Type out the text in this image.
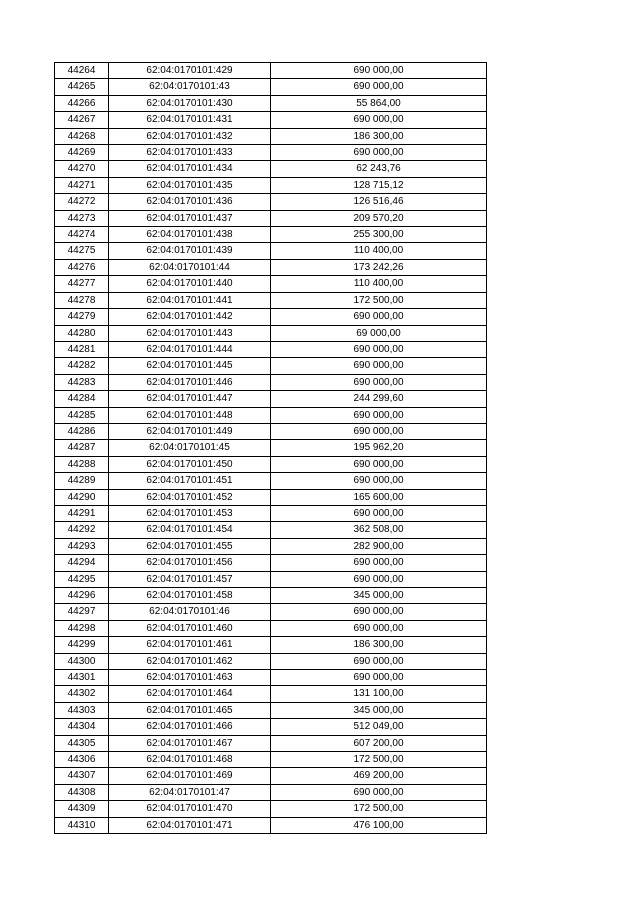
44264	62:04:0170101:429	690 000,00
44265	62:04:0170101:43	690 000,00
44266	62:04:0170101:430	55 864,00
44267	62:04:0170101:431	690 000,00
44268	62:04:0170101:432	186 300,00
44269	62:04:0170101:433	690 000,00
44270	62:04:0170101:434	62 243,76
44271	62:04:0170101:435	128 715,12
44272	62:04:0170101:436	126 516,46
44273	62:04:0170101:437	209 570,20
44274	62:04:0170101:438	255 300,00
44275	62:04:0170101:439	110 400,00
44276	62:04:0170101:44	173 242,26
44277	62:04:0170101:440	110 400,00
44278	62:04:0170101:441	172 500,00
44279	62:04:0170101:442	690 000,00
44280	62:04:0170101:443	69 000,00
44281	62:04:0170101:444	690 000,00
44282	62:04:0170101:445	690 000,00
44283	62:04:0170101:446	690 000,00
44284	62:04:0170101:447	244 299,60
44285	62:04:0170101:448	690 000,00
44286	62:04:0170101:449	690 000,00
44287	62:04:0170101:45	195 962,20
44288	62:04:0170101:450	690 000,00
44289	62:04:0170101:451	690 000,00
44290	62:04:0170101:452	165 600,00
44291	62:04:0170101:453	690 000,00
44292	62:04:0170101:454	362 508,00
44293	62:04:0170101:455	282 900,00
44294	62:04:0170101:456	690 000,00
44295	62:04:0170101:457	690 000,00
44296	62:04:0170101:458	345 000,00
44297	62:04:0170101:46	690 000,00
44298	62:04:0170101:460	690 000,00
44299	62:04:0170101:461	186 300,00
44300	62:04:0170101:462	690 000,00
44301	62:04:0170101:463	690 000,00
44302	62:04:0170101:464	131 100,00
44303	62:04:0170101:465	345 000,00
44304	62:04:0170101:466	512 049,00
44305	62:04:0170101:467	607 200,00
44306	62:04:0170101:468	172 500,00
44307	62:04:0170101:469	469 200,00
44308	62:04:0170101:47	690 000,00
44309	62:04:0170101:470	172 500,00
44310	62:04:0170101:471	476 100,00
